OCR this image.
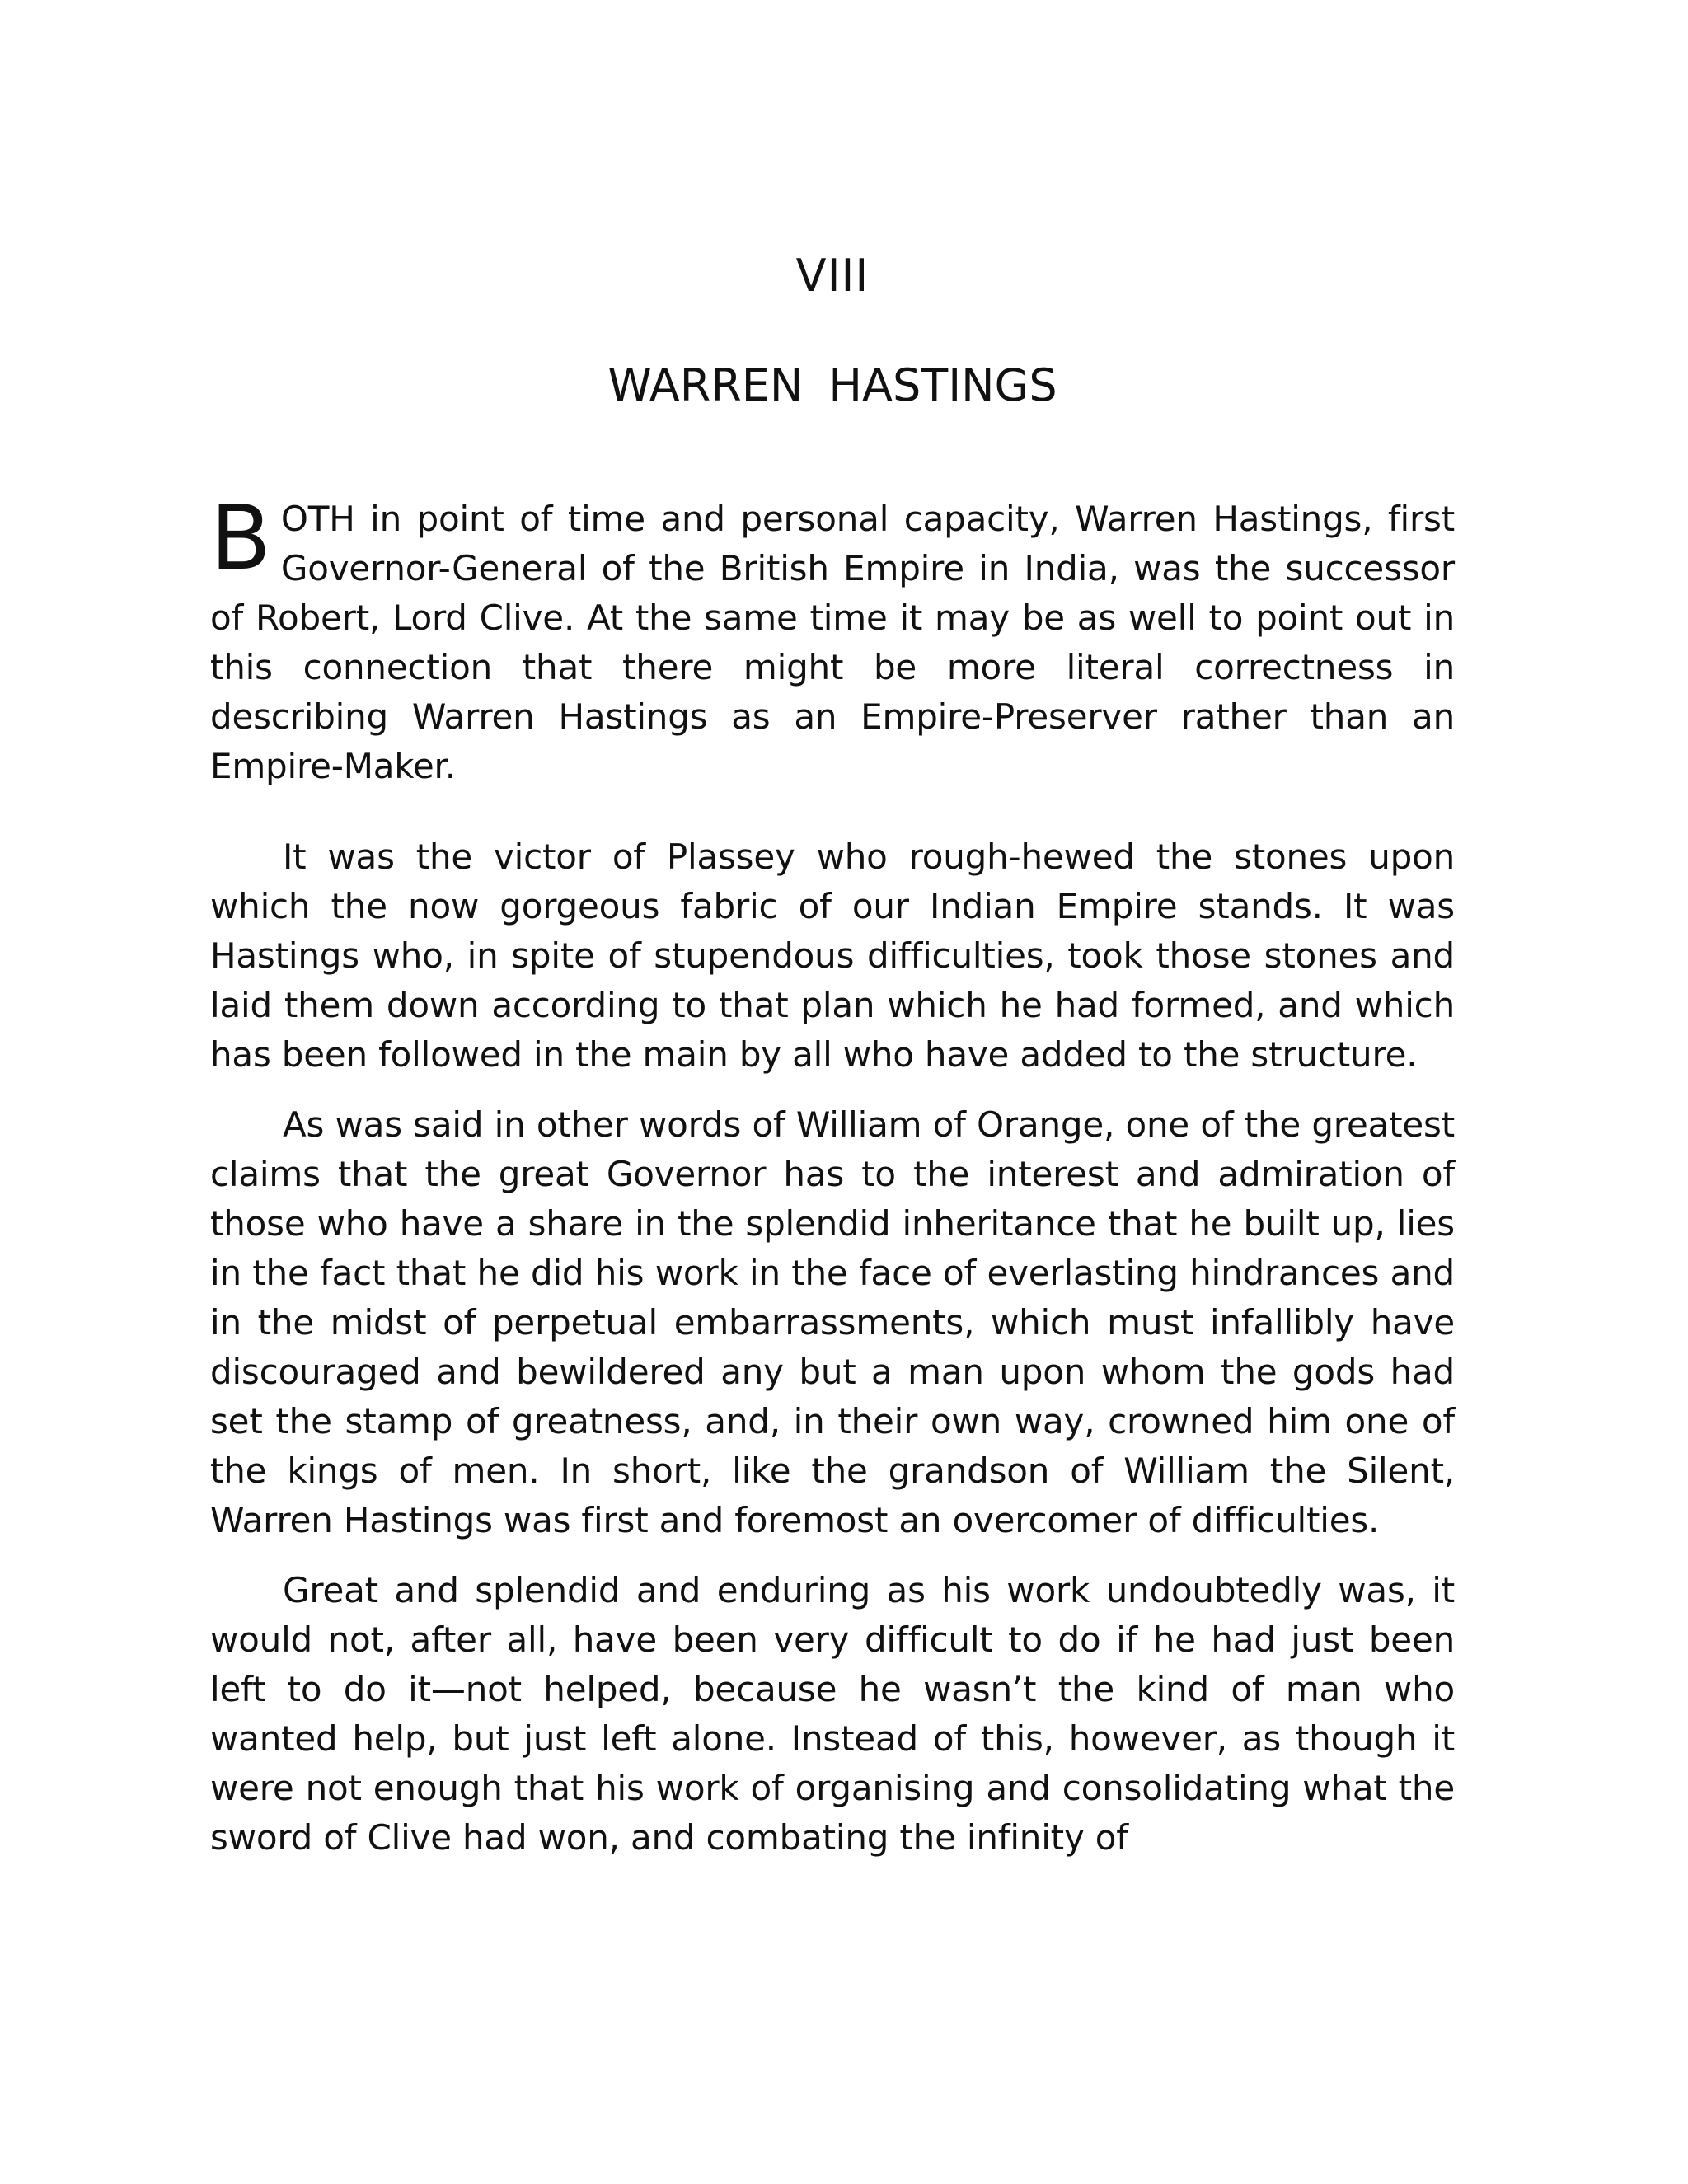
VIII
WARREN HASTINGS

BOTH in point of time and personal capacity, Warren Hastings, first Governor-General of the British Empire in India, was the successor of Robert, Lord Clive. At the same time it may be as well to point out in this connection that there might be more literal correctness in describing Warren Hastings as an Empire-Preserver rather than an Empire-Maker.

It was the victor of Plassey who rough-hewed the stones upon which the now gorgeous fabric of our Indian Empire stands. It was Hastings who, in spite of stupendous difficulties, took those stones and laid them down according to that plan which he had formed, and which has been followed in the main by all who have added to the structure.

As was said in other words of William of Orange, one of the greatest claims that the great Governor has to the interest and admiration of those who have a share in the splendid inheritance that he built up, lies in the fact that he did his work in the face of everlasting hindrances and in the midst of perpetual embarrassments, which must infallibly have discouraged and bewildered any but a man upon whom the gods had set the stamp of greatness, and, in their own way, crowned him one of the kings of men. In short, like the grandson of William the Silent, Warren Hastings was first and foremost an overcomer of difficulties.

Great and splendid and enduring as his work undoubtedly was, it would not, after all, have been very difficult to do if he had just been left to do it—not helped, because he wasn’t the kind of man who wanted help, but just left alone. Instead of this, however, as though it were not enough that his work of organising and consolidating what the sword of Clive had won, and combating the infinity of
